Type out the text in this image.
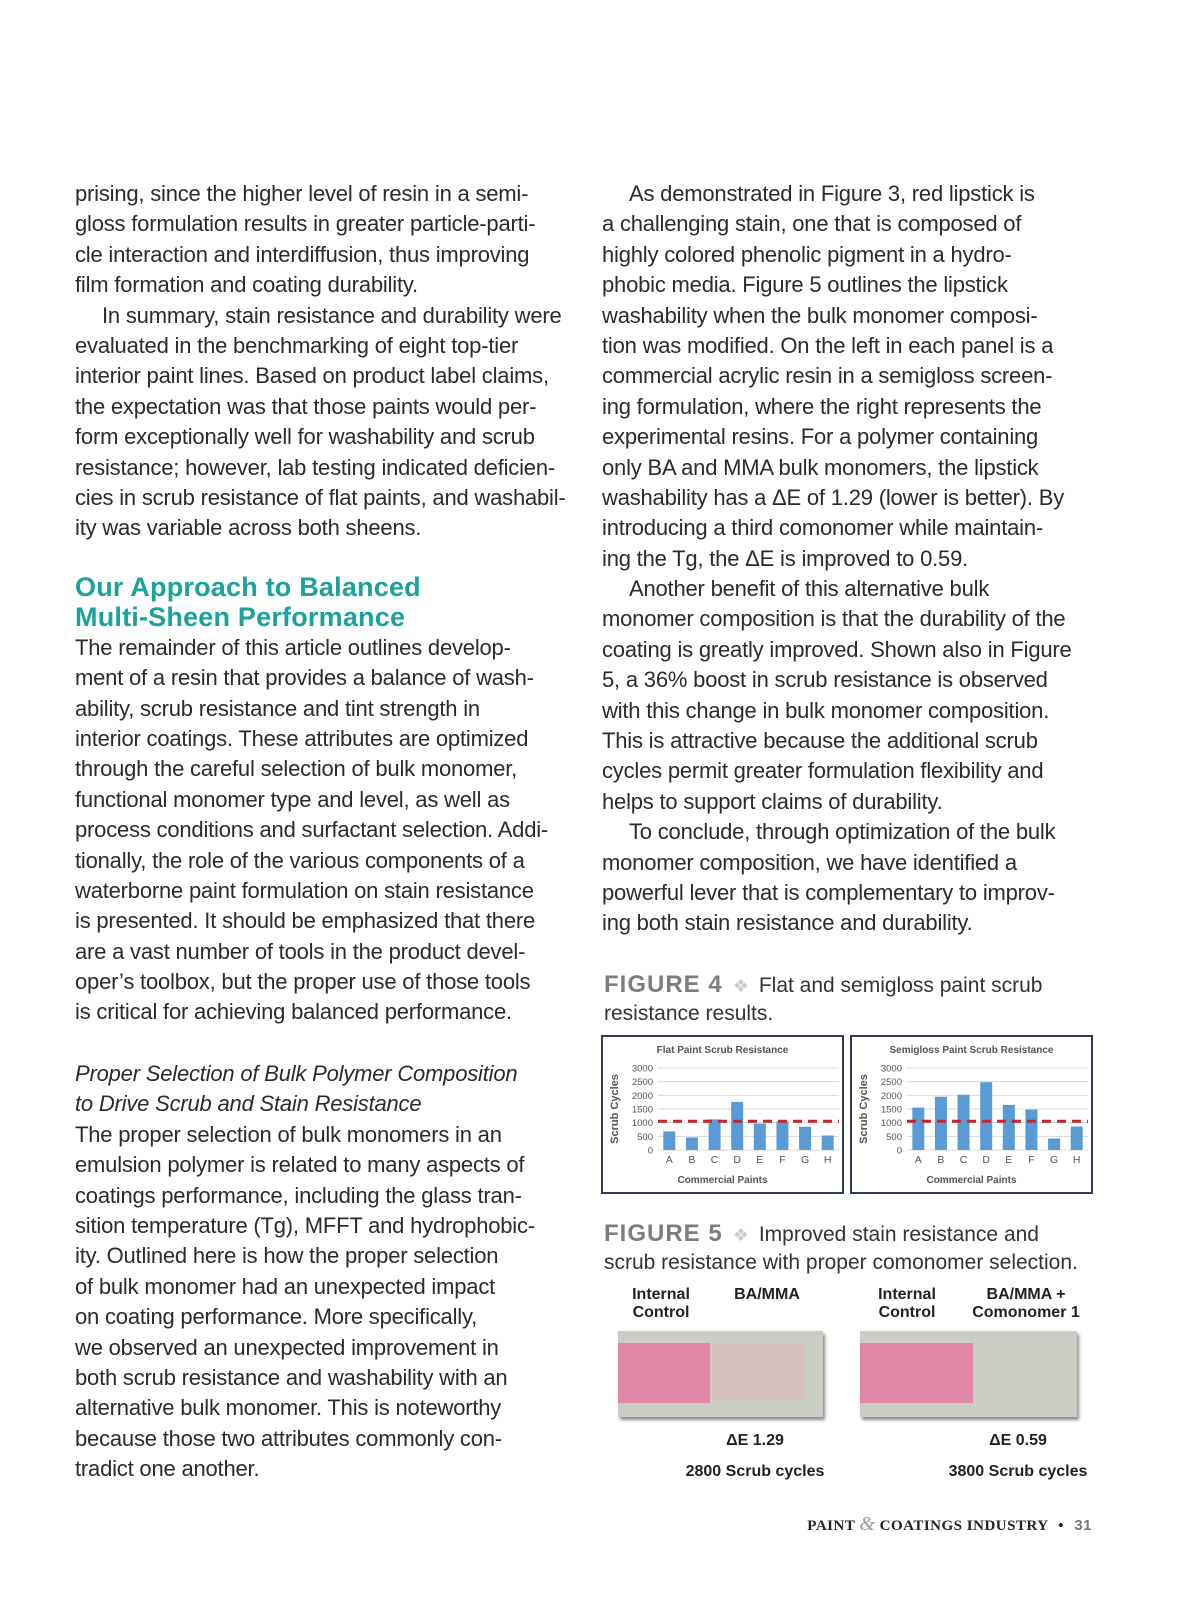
prising, since the higher level of resin in a semi-
gloss formulation results in greater particle-parti-
cle interaction and interdiffusion, thus improving
film formation and coating durability.
In summary, stain resistance and durability were
evaluated in the benchmarking of eight top-tier
interior paint lines. Based on product label claims,
the expectation was that those paints would per-
form exceptionally well for washability and scrub
resistance; however, lab testing indicated deficien-
cies in scrub resistance of flat paints, and washabil-
ity was variable across both sheens.
Our Approach to Balanced
Multi-Sheen Performance
The remainder of this article outlines develop-
ment of a resin that provides a balance of wash-
ability, scrub resistance and tint strength in
interior coatings. These attributes are optimized
through the careful selection of bulk monomer,
functional monomer type and level, as well as
process conditions and surfactant selection. Addi-
tionally, the role of the various components of a
waterborne paint formulation on stain resistance
is presented. It should be emphasized that there
are a vast number of tools in the product devel-
oper’s toolbox, but the proper use of those tools
is critical for achieving balanced performance.
Proper Selection of Bulk Polymer Composition
to Drive Scrub and Stain Resistance
The proper selection of bulk monomers in an
emulsion polymer is related to many aspects of
coatings performance, including the glass tran-
sition temperature (Tg), MFFT and hydrophobic-
ity. Outlined here is how the proper selection
of bulk monomer had an unexpected impact
on coating performance. More specifically,
we observed an unexpected improvement in
both scrub resistance and washability with an
alternative bulk monomer. This is noteworthy
because those two attributes commonly con-
tradict one another.
As demonstrated in Figure 3, red lipstick is
a challenging stain, one that is composed of
highly colored phenolic pigment in a hydro-
phobic media. Figure 5 outlines the lipstick
washability when the bulk monomer composi-
tion was modified. On the left in each panel is a
commercial acrylic resin in a semigloss screen-
ing formulation, where the right represents the
experimental resins. For a polymer containing
only BA and MMA bulk monomers, the lipstick
washability has a ΔE of 1.29 (lower is better). By
introducing a third comonomer while maintain-
ing the Tg, the ΔE is improved to 0.59.
Another benefit of this alternative bulk
monomer composition is that the durability of the
coating is greatly improved. Shown also in Figure
5, a 36% boost in scrub resistance is observed
with this change in bulk monomer composition.
This is attractive because the additional scrub
cycles permit greater formulation flexibility and
helps to support claims of durability.
To conclude, through optimization of the bulk
monomer composition, we have identified a
powerful lever that is complementary to improv-
ing both stain resistance and durability.
FIGURE 4 ❖ Flat and semigloss paint scrub
resistance results.
Flat Paint Scrub Resistance
0
500
1000
1500
2000
2500
3000
A B C D E F G H
Commercial Paints
Scrub Cycles
Semigloss Paint Scrub Resistance
0
500
1000
1500
2000
2500
3000
A B C D E F G H
Commercial Paints
Scrub Cycles
FIGURE 5 ❖ Improved stain resistance and
scrub resistance with proper comonomer selection.
Internal Control
BA/MMA	Internal Control
BA/MMA + Comonomer 1
ΔE 1.29
2800 Scrub cycles
ΔE 0.59
3800 Scrub cycles
PAINT & COATINGS INDUSTRY • 31
